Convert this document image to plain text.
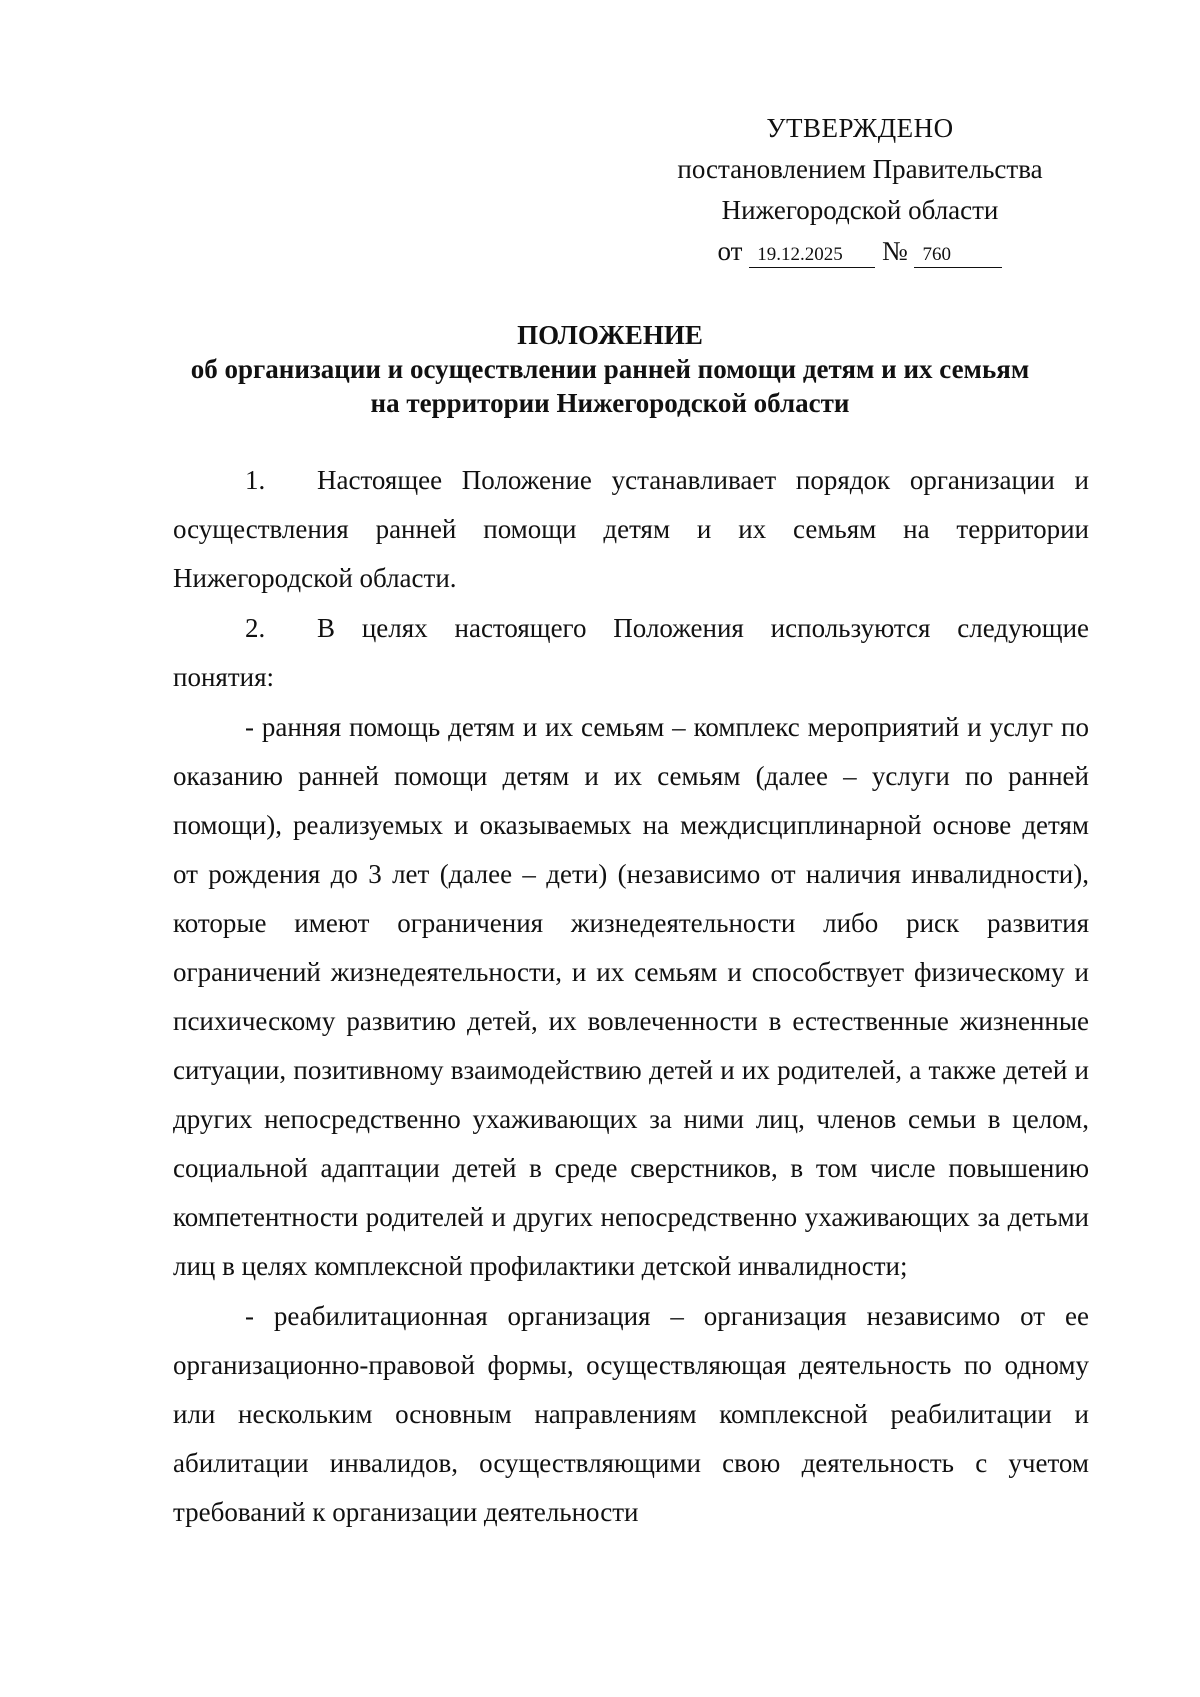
УТВЕРЖДЕНО

постановлением Правительства

Нижегородской области

от 19.12.2025 № 760

ПОЛОЖЕНИЕ

об организации и осуществлении ранней помощи детям и их семьям

на территории Нижегородской области

1. Настоящее Положение устанавливает порядок организации и осуществления ранней помощи детям и их семьям на территории Нижегородской области.

2. В целях настоящего Положения используются следующие понятия:

- ранняя помощь детям и их семьям – комплекс мероприятий и услуг по оказанию ранней помощи детям и их семьям (далее – услуги по ранней помощи), реализуемых и оказываемых на междисциплинарной основе детям от рождения до 3 лет (далее – дети) (независимо от наличия инвалидности), которые имеют ограничения жизнедеятельности либо риск развития ограничений жизнедеятельности, и их семьям и способствует физическому и психическому развитию детей, их вовлеченности в естественные жизненные ситуации, позитивному взаимодействию детей и их родителей, а также детей и других непосредственно ухаживающих за ними лиц, членов семьи в целом, социальной адаптации детей в среде сверстников, в том числе повышению компетентности родителей и других непосредственно ухаживающих за детьми лиц в целях комплексной профилактики детской инвалидности;

- реабилитационная организация – организация независимо от ее организационно-правовой формы, осуществляющая деятельность по одному или нескольким основным направлениям комплексной реабилитации и абилитации инвалидов, осуществляющими свою деятельность с учетом требований к организации деятельности
